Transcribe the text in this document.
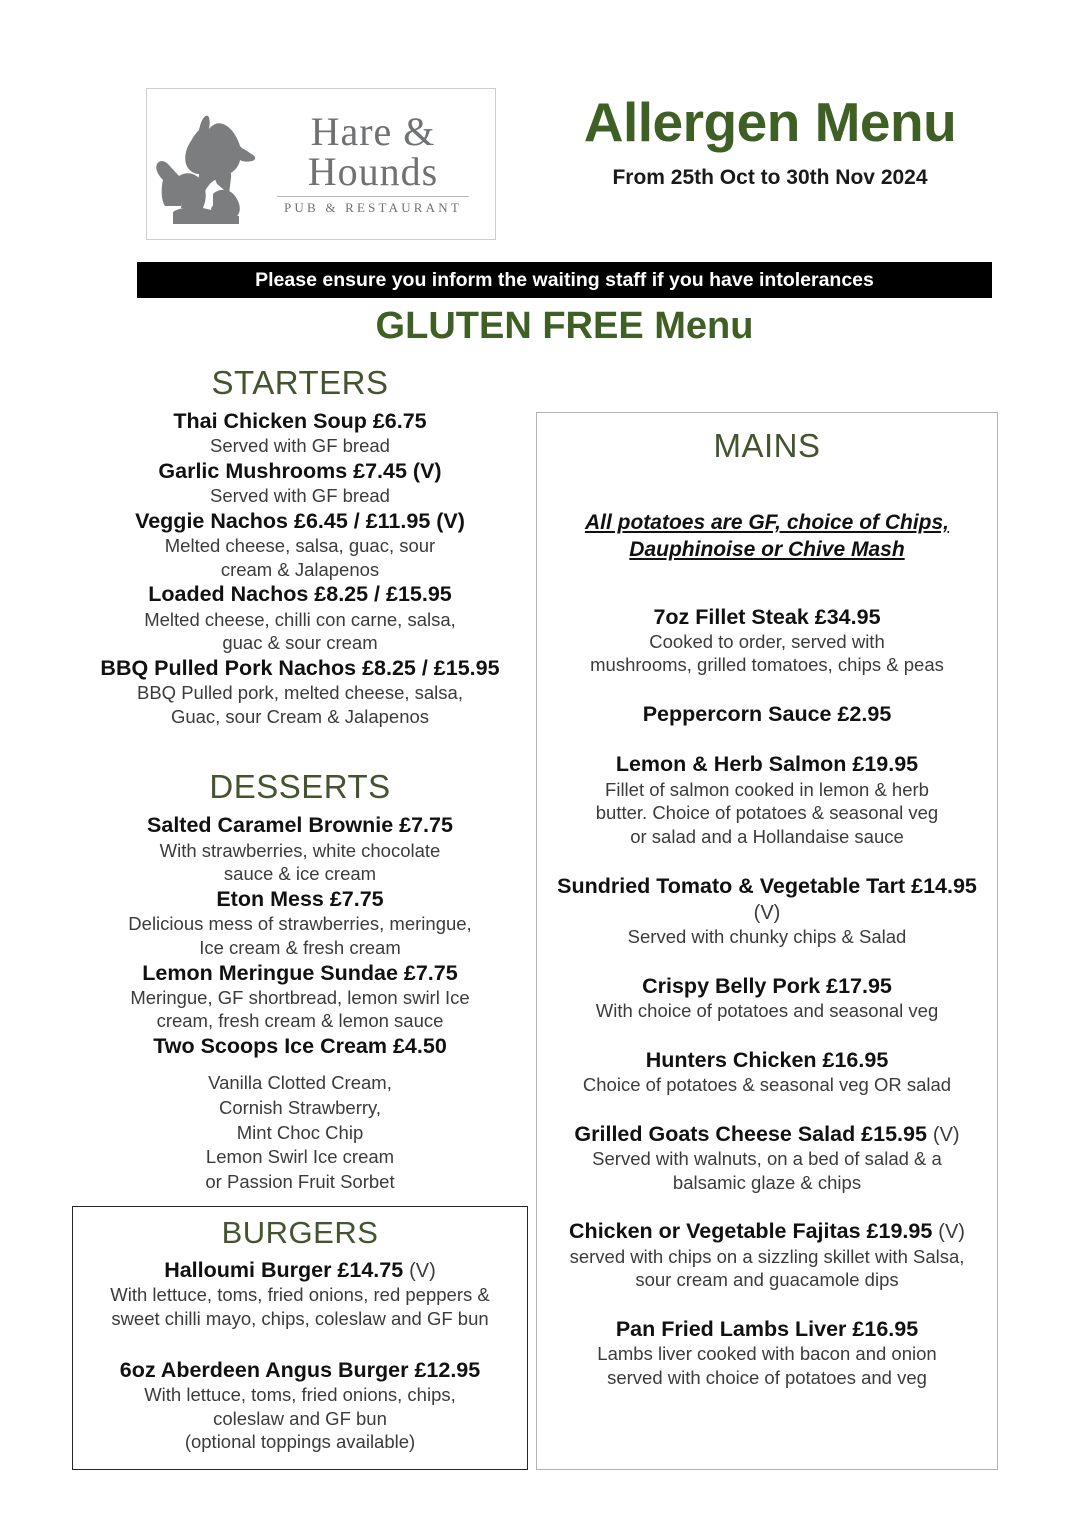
Hare &
Hounds
PUB & RESTAURANT
Allergen Menu
From 25th Oct to 30th Nov 2024
Please ensure you inform the waiting staff if you have intolerances
GLUTEN FREE Menu
STARTERS
Thai Chicken Soup £6.75
Served with GF bread
Garlic Mushrooms £7.45 (V)
Served with GF bread
Veggie Nachos £6.45 / £11.95 (V)
Melted cheese, salsa, guac, sour
cream & Jalapenos
Loaded Nachos £8.25 / £15.95
Melted cheese, chilli con carne, salsa,
guac & sour cream
BBQ Pulled Pork Nachos £8.25 / £15.95
BBQ Pulled pork, melted cheese, salsa,
Guac, sour Cream & Jalapenos
DESSERTS
Salted Caramel Brownie £7.75
With strawberries, white chocolate
sauce & ice cream
Eton Mess £7.75
Delicious mess of strawberries, meringue,
Ice cream & fresh cream
Lemon Meringue Sundae £7.75
Meringue, GF shortbread, lemon swirl Ice
cream, fresh cream & lemon sauce
Two Scoops Ice Cream £4.50
Vanilla Clotted Cream,
Cornish Strawberry,
Mint Choc Chip
Lemon Swirl Ice cream
or Passion Fruit Sorbet
BURGERS
Halloumi Burger £14.75 (V)
With lettuce, toms, fried onions, red peppers &
sweet chilli mayo, chips, coleslaw and GF bun
6oz Aberdeen Angus Burger £12.95
With lettuce, toms, fried onions, chips,
coleslaw and GF bun
(optional toppings available)
MAINS
All potatoes are GF, choice of Chips,
Dauphinoise or Chive Mash
7oz Fillet Steak £34.95
Cooked to order, served with
mushrooms, grilled tomatoes, chips & peas
Peppercorn Sauce £2.95
Lemon & Herb Salmon £19.95
Fillet of salmon cooked in lemon & herb
butter. Choice of potatoes & seasonal veg
or salad and a Hollandaise sauce
Sundried Tomato & Vegetable Tart £14.95 (V)
Served with chunky chips & Salad
Crispy Belly Pork £17.95
With choice of potatoes and seasonal veg
Hunters Chicken £16.95
Choice of potatoes & seasonal veg OR salad
Grilled Goats Cheese Salad £15.95 (V)
Served with walnuts, on a bed of salad & a
balsamic glaze & chips
Chicken or Vegetable Fajitas £19.95 (V)
served with chips on a sizzling skillet with Salsa,
sour cream and guacamole dips
Pan Fried Lambs Liver £16.95
Lambs liver cooked with bacon and onion
served with choice of potatoes and veg
